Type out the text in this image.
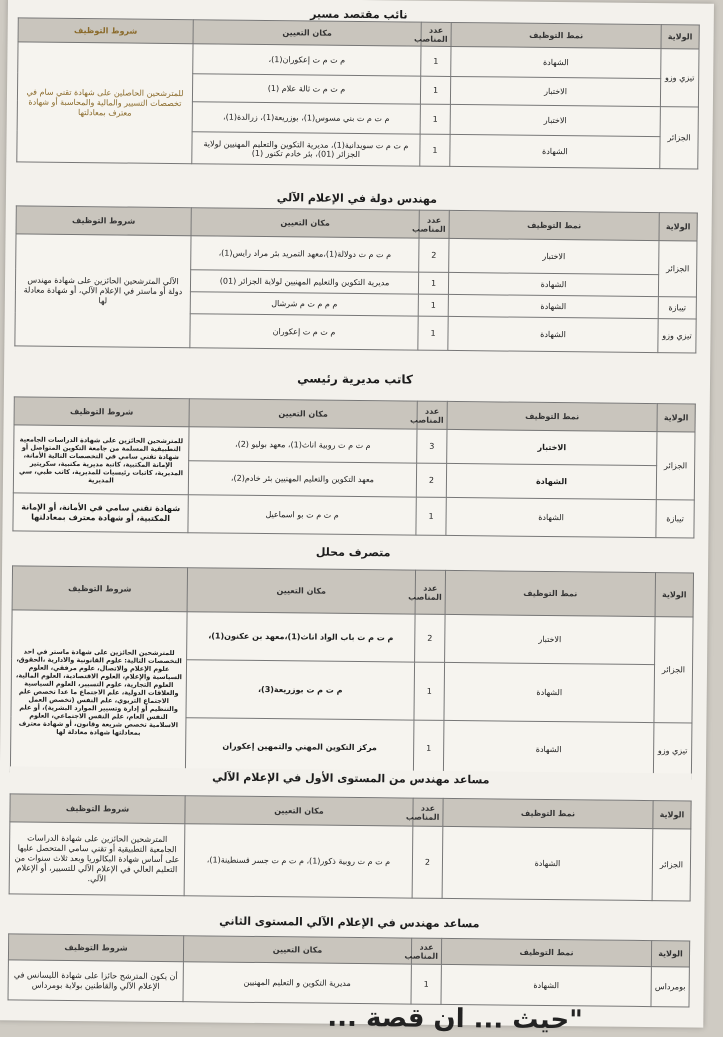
نائب مقتصد مسير
الولاية	نمط التوظيف	عدد المناصب	مكان التعيين	شروط التوظيف
تيزي وزو	الشهادة	1	م ت م ت إعكوران(1)،	للمترشحين الحاصلين على شهادة تقني سام في تخصصات التسيير والمالية والمحاسبة أو شهادة معترف بمعادلتها
	الاختبار	1	م ت م ت ثالة علام (1)	
الجزائر	الاختبار	1	م ت م ت بني مسوس(1)، بوزريعة(1)، زرالدة(1)،	
	الشهادة	1	م ت م ت سويدانية(1)، مديرية التكوين والتعليم المهنيين لولاية الجزائر (01)، بئر خادم تكنور (1)	
مهندس دولة في الإعلام الآلي
الولاية	نمط التوظيف	عدد المناصب	مكان التعيين	شروط التوظيف
الجزائر	الاختبار	2	م ت م ت دولالة(1)،معهد التمريد بئر مراد رايس(1)،	الآلي المترشحين الحائزين على شهادة مهندس دولة أو ماستر في الإعلام الآلي، أو شهادة معادلة لها
	الشهادة	1	مديرية التكوين والتعليم المهنيين لولاية الجزائر (01)	
تيبازة	الشهادة	1	م م م ت م شرشال	
تيزي وزو	الشهادة	1	م ت م ت إعكوران	
كاتب مديرية رئيسي
الولاية	نمط التوظيف	عدد المناصب	مكان التعيين	شروط التوظيف
الجزائر	الاختبار	3	م ت م ت روبية اناث(1)، معهد بوليو (2)،	للمترشحين الحائزين على شهادة الدراسات الجامعية التطبيقية المسلمة من جامعة التكوين المتواصل أو شهادة تقني سامي في التخصصات التالية الأمانة، الإمانة المكتبية، كاتبة مديرية مكتبية، سكريتير المديرية، كاتبات رئيسيات للمديرية، كاتب طبي، سي المديرية
	الشهادة	2	معهد التكوين والتعليم المهنيين بئر خادم(2)،	
تيبازة	الشهادة	1	م ت م ت بو اسماعيل	شهادة تقني سامي في الأمانة، أو الإمانة المكتبية، أو شهادة معترف بمعادلتها
متصرف محلل
الولاية	نمط التوظيف	عدد المناصب	مكان التعيين	شروط التوظيف
الجزائر	الاختبار	2	م ت م ت باب الواد اناث(1)،معهد بن عكنون(1)،	للمترشحين الحائزين على شهادة ماستر في احد التخصصات التالية: علوم القانونية والادارية ،الحقوق، علوم الإعلام والاتصال، علوم مرفقي، العلوم السياسية والإعلام، العلوم الاقتصادية، العلوم المالية، العلوم التجارية، علوم التسيير، العلوم السياسية والعلاقات الدولية، علم الاجتماع ما عدا تخصص علم الاجتماع التربوي، علم النفس (تخصص العمل والتنظيم أو إدارة وتسيير الموارد البشرية)، أو علم النفس العام، علم النفس الاجتماعي، العلوم الاسلامية تخصص شريعة وقانون، أو شهادة معترف بمعادلتها شهادة معادلة لها
	الشهادة	1	م ت م ت بوزريعة(3)،	
تيزي وزو	الشهادة	1	مركز التكوين المهني والتمهين إعكوران	
مساعد مهندس من المستوى الأول في الإعلام الآلي
الولاية	نمط التوظيف	عدد المناصب	مكان التعيين	شروط التوظيف
الجزائر	الشهادة	2	م ت م ت روبية ذكور(1)، م ت م ت جسر قسنطينة(1)،	المترشحين الحائزين على شهادة الدراسات الجامعية التطبيقية أو تقني سامي المتحصل عليها على أساس شهادة البكالوريا وبعد ثلاث سنوات من التعليم العالي في الإعلام الآلي للتسيير، أو الإعلام الآلي.
مساعد مهندس في الإعلام الآلي المستوى الثاني
الولاية	نمط التوظيف	عدد المناصب	مكان التعيين	شروط التوظيف
بومرداس	الشهادة	1	مديرية التكوين و التعليم المهنيين	أن يكون المترشح حائزا على شهادة الليسانس في الإعلام الآلي والقاطنين بولاية بومرداس
"حيث ... ان قصة ...
